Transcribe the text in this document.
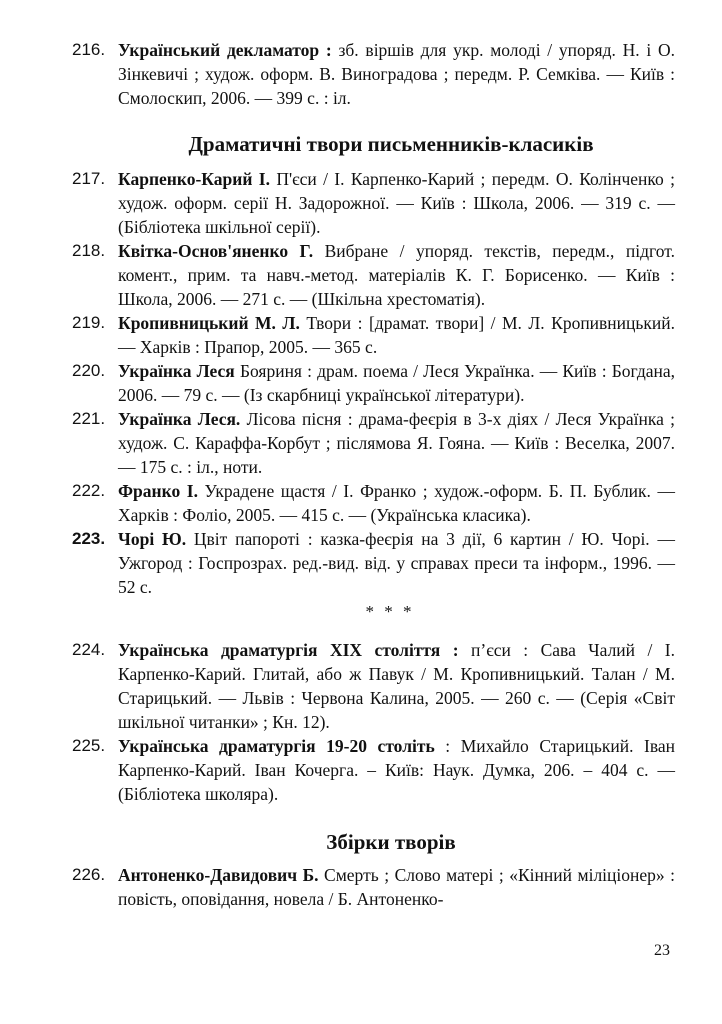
216. Український декламатор : зб. віршів для укр. молоді / упоряд. Н. і О. Зінкевичі ; худож. оформ. В. Виноградова ; передм. Р. Семківа. — Київ : Смолоскип, 2006. — 399 с. : іл.
Драматичні твори письменників-класиків
217. Карпенко-Карий І. П'єси / І. Карпенко-Карий ; передм. О. Колінченко ; худож. оформ. серії Н. Задорожної. — Київ : Школа, 2006. — 319 с. — (Бібліотека шкільної серії).
218. Квітка-Основ'яненко Г. Вибране / упоряд. текстів, передм., підгот. комент., прим. та навч.-метод. матеріалів К. Г. Борисенко. — Київ : Школа, 2006. — 271 с. — (Шкільна хрестоматія).
219. Кропивницький М. Л. Твори : [драмат. твори] / М. Л. Кропивницький. — Харків : Прапор, 2005. — 365 с.
220. Українка Леся Бояриня : драм. поема / Леся Українка. — Київ : Богдана, 2006. — 79 с. — (Із скарбниці української літератури).
221. Українка Леся. Лісова пісня : драма-феєрія в 3-х діях / Леся Українка ; худож. С. Караффа-Корбут ; післямова Я. Гояна. — Київ : Веселка, 2007. — 175 с. : іл., ноти.
222. Франко І. Украдене щастя / І. Франко ; худож.-оформ. Б. П. Бублик. — Харків : Фоліо, 2005. — 415 с. — (Українська класика).
223. Чорі Ю. Цвіт папороті : казка-феєрія на 3 дії, 6 картин / Ю. Чорі. — Ужгород : Госпрозрах. ред.-вид. від. у справах преси та інформ., 1996. — 52 с.
* * *
224. Українська драматургія XIX століття : п’єси : Сава Чалий / І. Карпенко-Карий. Глитай, або ж Павук / М. Кропивницький. Талан / М. Старицький. — Львів : Червона Калина, 2005. — 260 с. — (Серія «Світ шкільної читанки» ; Кн. 12).
225. Українська драматургія 19-20 століть : Михайло Старицький. Іван Карпенко-Карий. Іван Кочерга. – Київ: Наук. Думка, 206. – 404 с. — (Бібліотека школяра).
Збірки творів
226. Антоненко-Давидович Б. Смерть ; Слово матері ; «Кінний міліціонер» : повість, оповідання, новела / Б. Антоненко-
23
